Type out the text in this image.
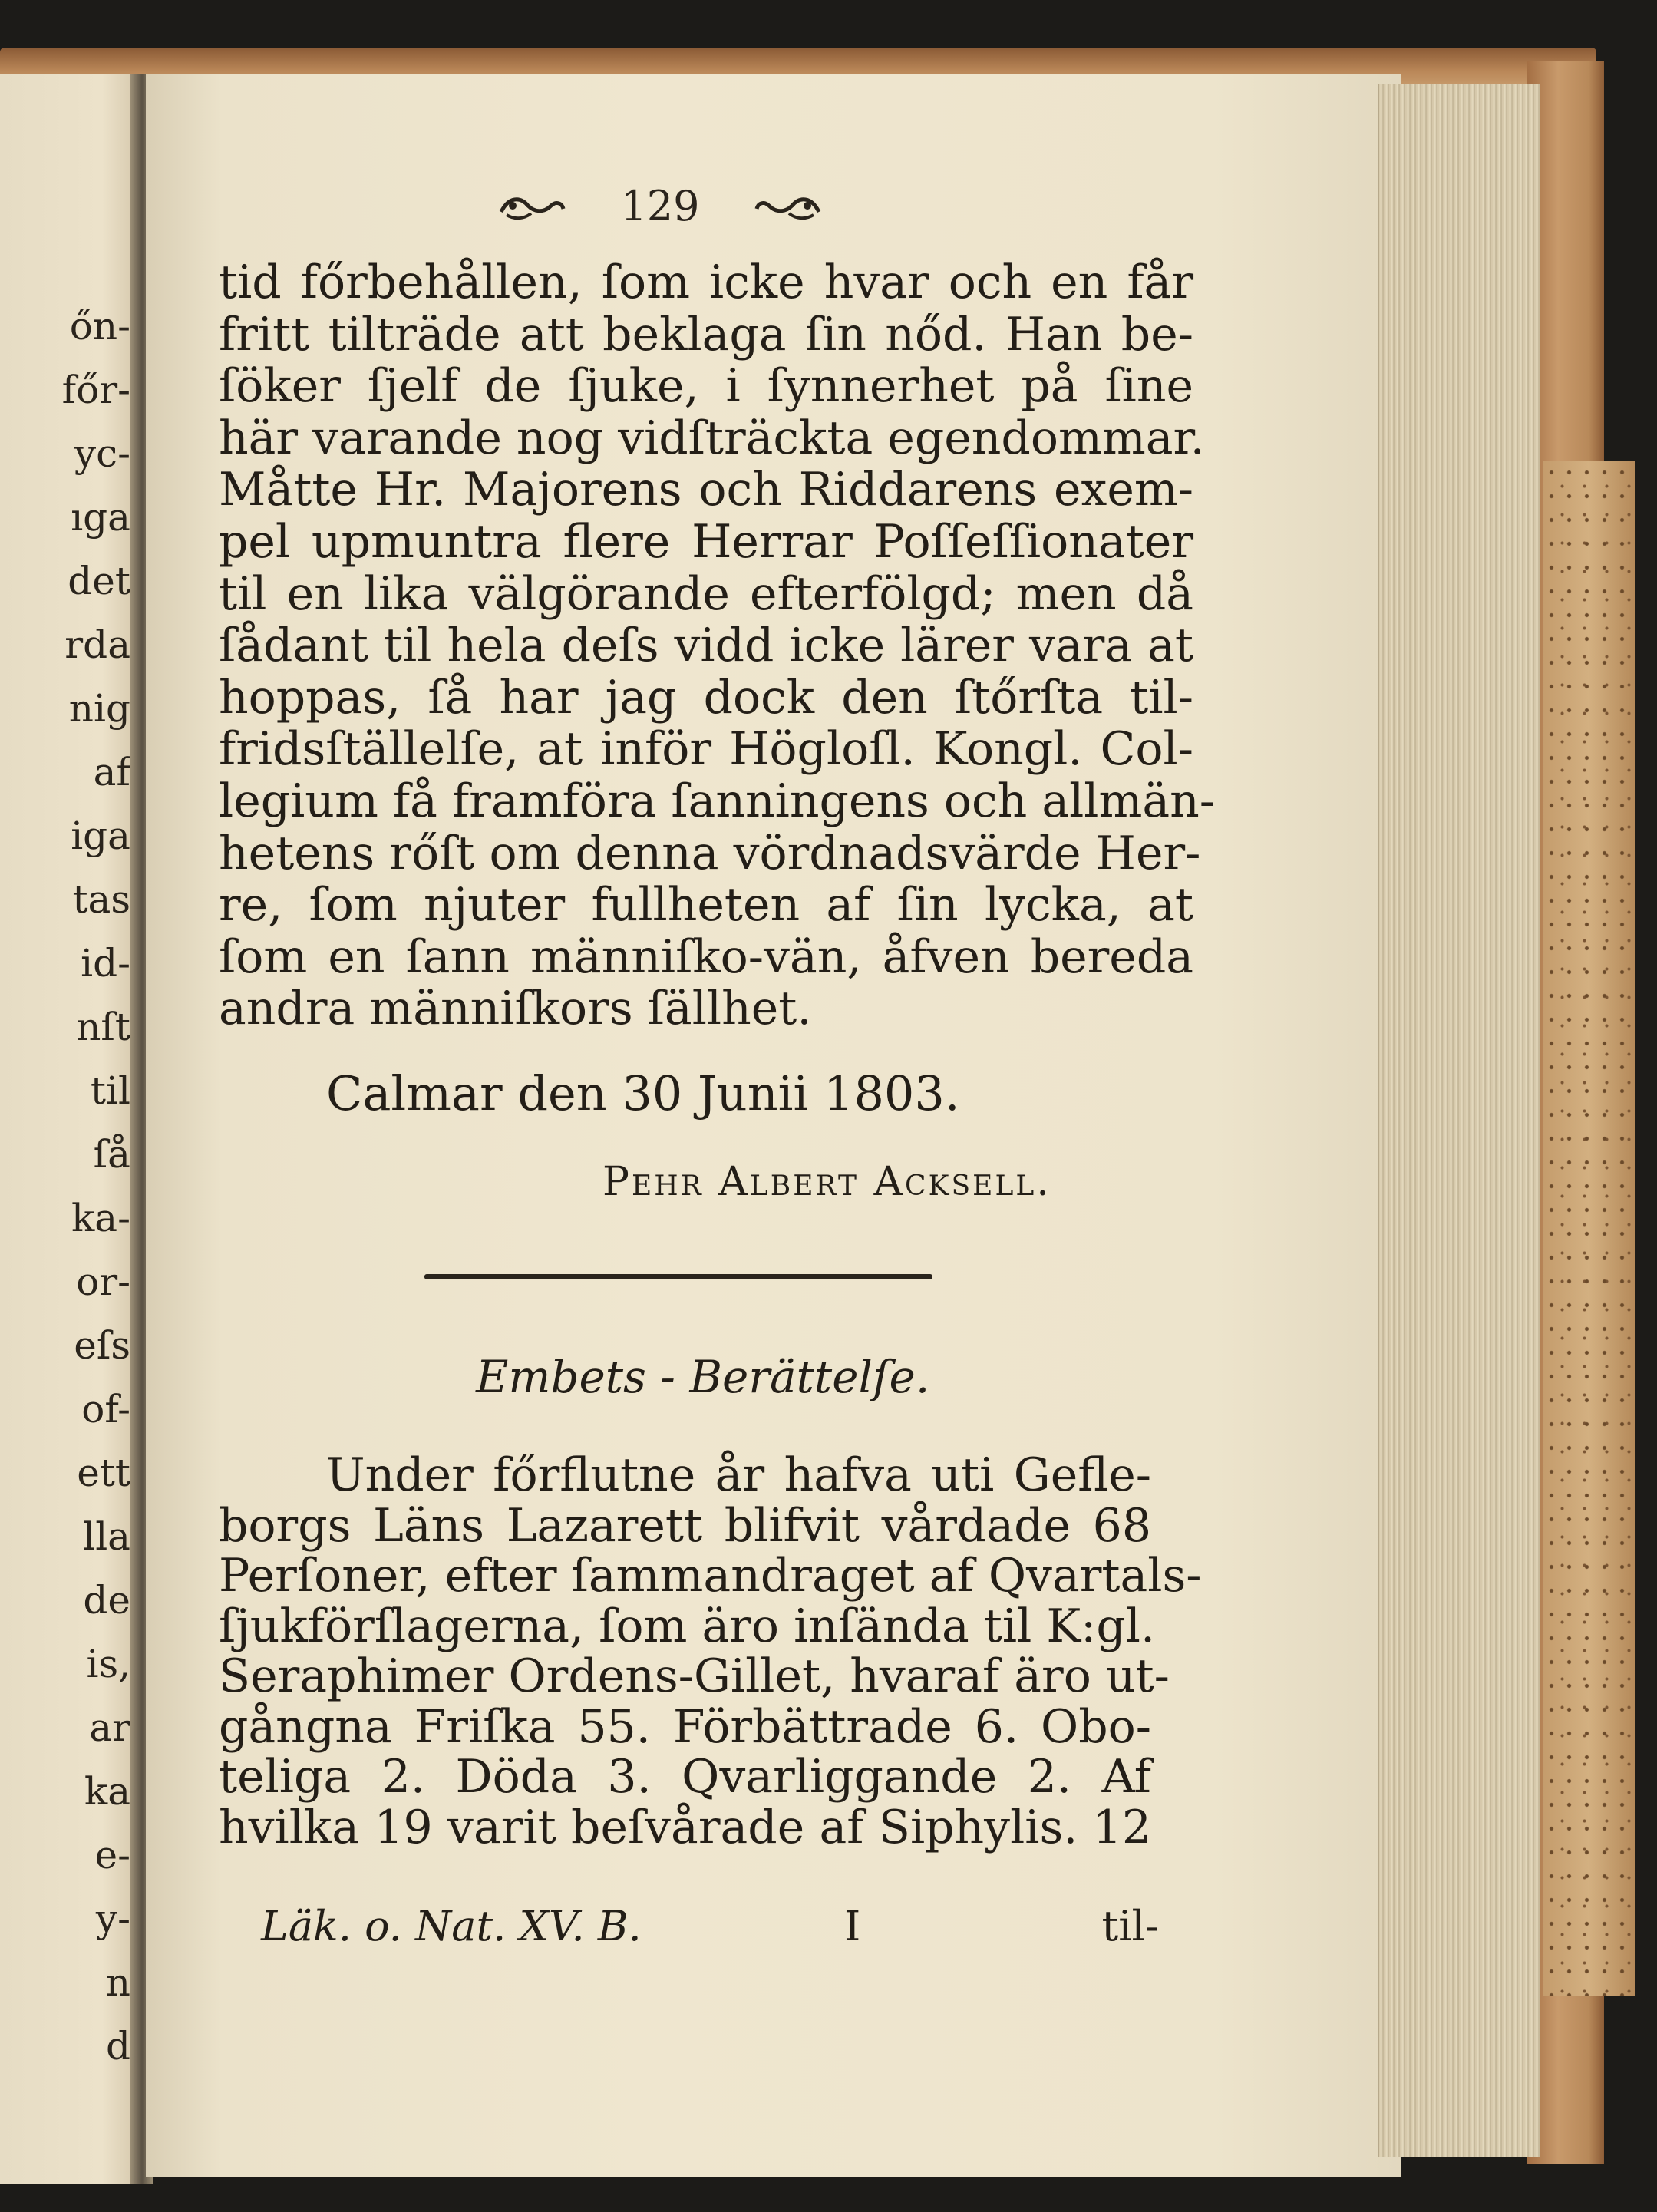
őn-
főr-
yc-
ıga
det
rda
nig
af
iga
tas
id-
nſt
til
ſå
ka-
or-
eſs
of-
ett
lla
de
is,
ar
ka
e-
y-
n
d
129
tid főrbehållen, ſom icke hvar och en får
fritt tilträde att beklaga ſin nőd. Han be-
ſöker ſjelf de ſjuke, i ſynnerhet på ſine
här varande nog vidſträckta egendommar.
Måtte Hr. Majorens och Riddarens exem-
pel upmuntra flere Herrar Poſſeſſionater
til en lika välgörande efterfölgd; men då
ſådant til hela deſs vidd icke lärer vara at
hoppas, ſå har jag dock den ſtőrſta til-
fridsſtällelſe, at inför Högloſl. Kongl. Col-
legium få framföra ſanningens och allmän-
hetens rőſt om denna vördnadsvärde Her-
re, ſom njuter fullheten af ſin lycka, at
ſom en ſann männiſko-vän, åfven bereda
andra männiſkors ſällhet.
Calmar den 30 Junii 1803.
Pehr Albert Acksell.
Embets - Berättelſe.
Under főrflutne år hafva uti Gefle-
borgs Läns Lazarett blifvit vårdade 68
Perſoner, efter ſammandraget af Qvartals-
ſjukförſlagerna, ſom äro inſända til K:gl.
Seraphimer Ordens-Gillet, hvaraf äro ut-
gångna Friſka 55. Förbättrade 6. Obo-
teliga 2. Döda 3. Qvarliggande 2. Af
hvilka 19 varit beſvårade af Siphylis. 12
Läk. o. Nat. XV. B.	I	til-
